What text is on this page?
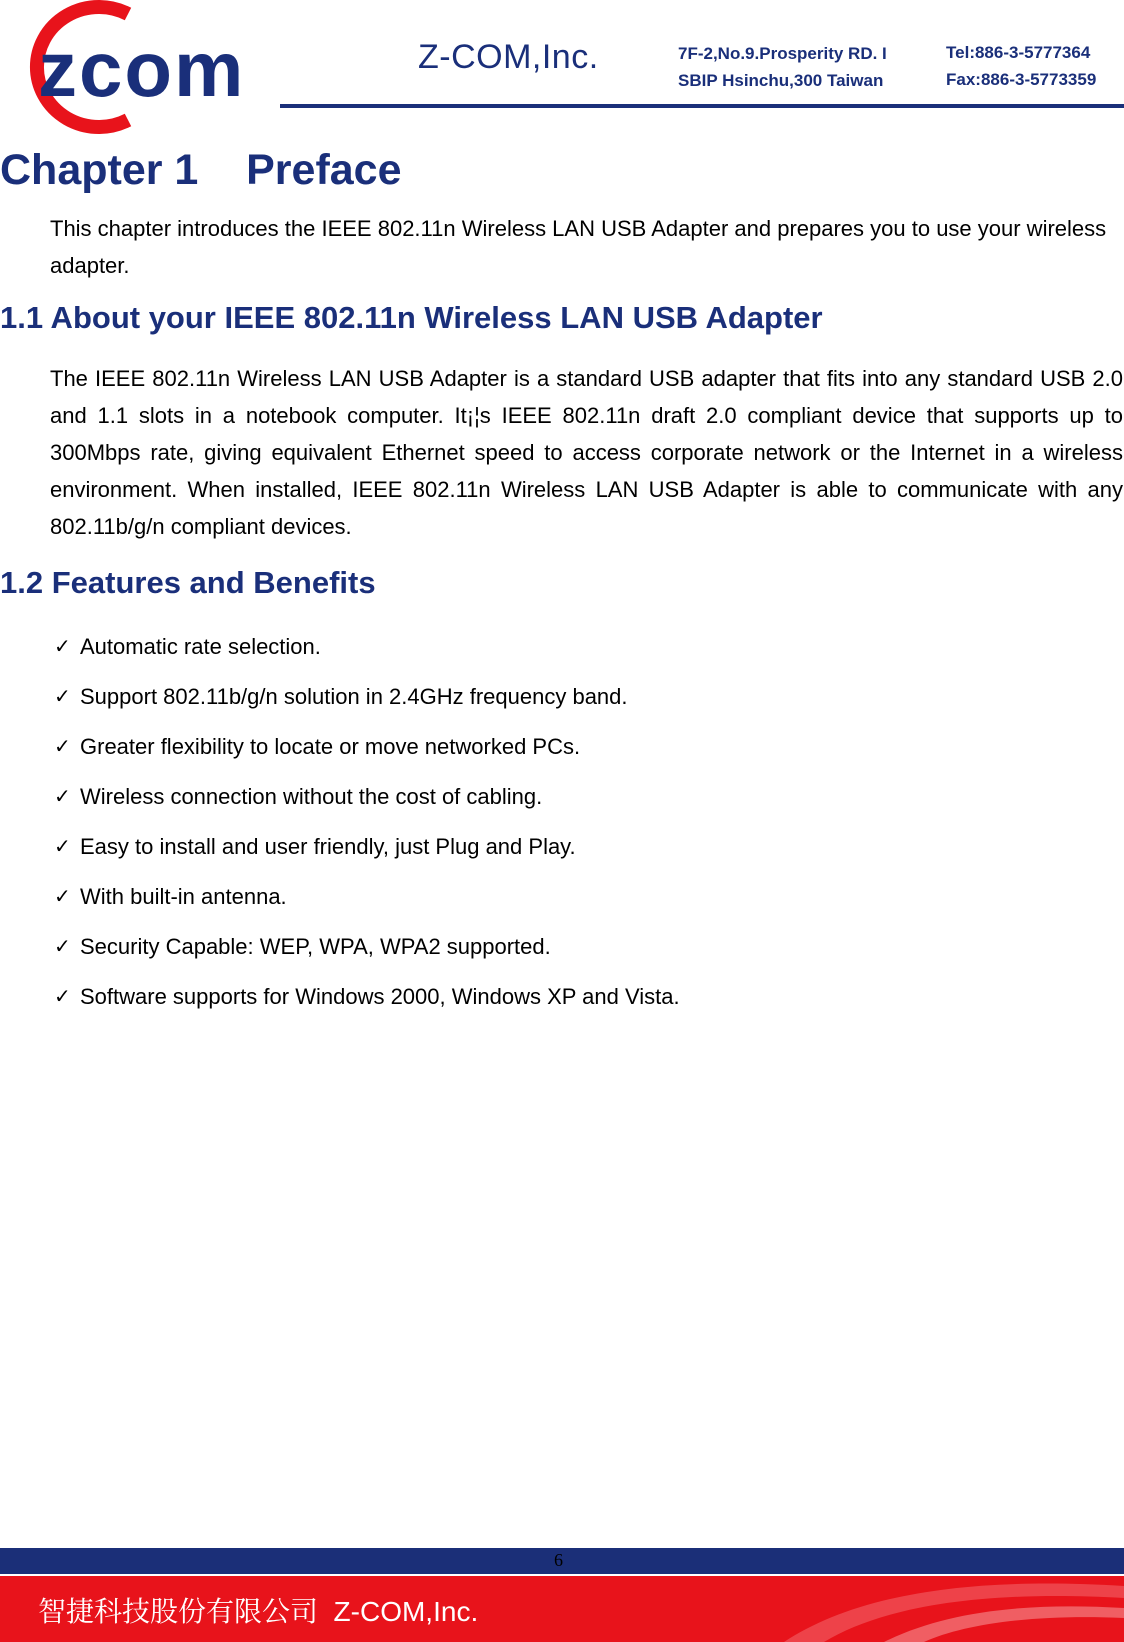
zcom	Z-COM,Inc.	7F-2,No.9.Prosperity RD. I
SBIP Hsinchu,300 Taiwan
Tel:886-3-5777364
Fax:886-3-5773359
Chapter 1    Preface
This chapter introduces the IEEE 802.11n Wireless LAN USB Adapter and prepares you to use your wireless adapter.
1.1 About your IEEE 802.11n Wireless LAN USB Adapter
The IEEE 802.11n Wireless LAN USB Adapter is a standard USB adapter that fits into any standard USB 2.0 and 1.1 slots in a notebook computer. It¡¦s IEEE 802.11n draft 2.0 compliant device that supports up to 300Mbps rate, giving equivalent Ethernet speed to access corporate network or the Internet in a wireless environment. When installed, IEEE 802.11n Wireless LAN USB Adapter is able to communicate with any 802.11b/g/n compliant devices.
1.2 Features and Benefits
✓ Automatic rate selection.
✓ Support 802.11b/g/n solution in 2.4GHz frequency band.
✓ Greater flexibility to locate or move networked PCs.
✓ Wireless connection without the cost of cabling.
✓ Easy to install and user friendly, just Plug and Play.
✓ With built-in antenna.
✓ Security Capable: WEP, WPA, WPA2 supported.
✓ Software supports for Windows 2000, Windows XP and Vista.
6
智捷科技股份有限公司  Z-COM,Inc.
